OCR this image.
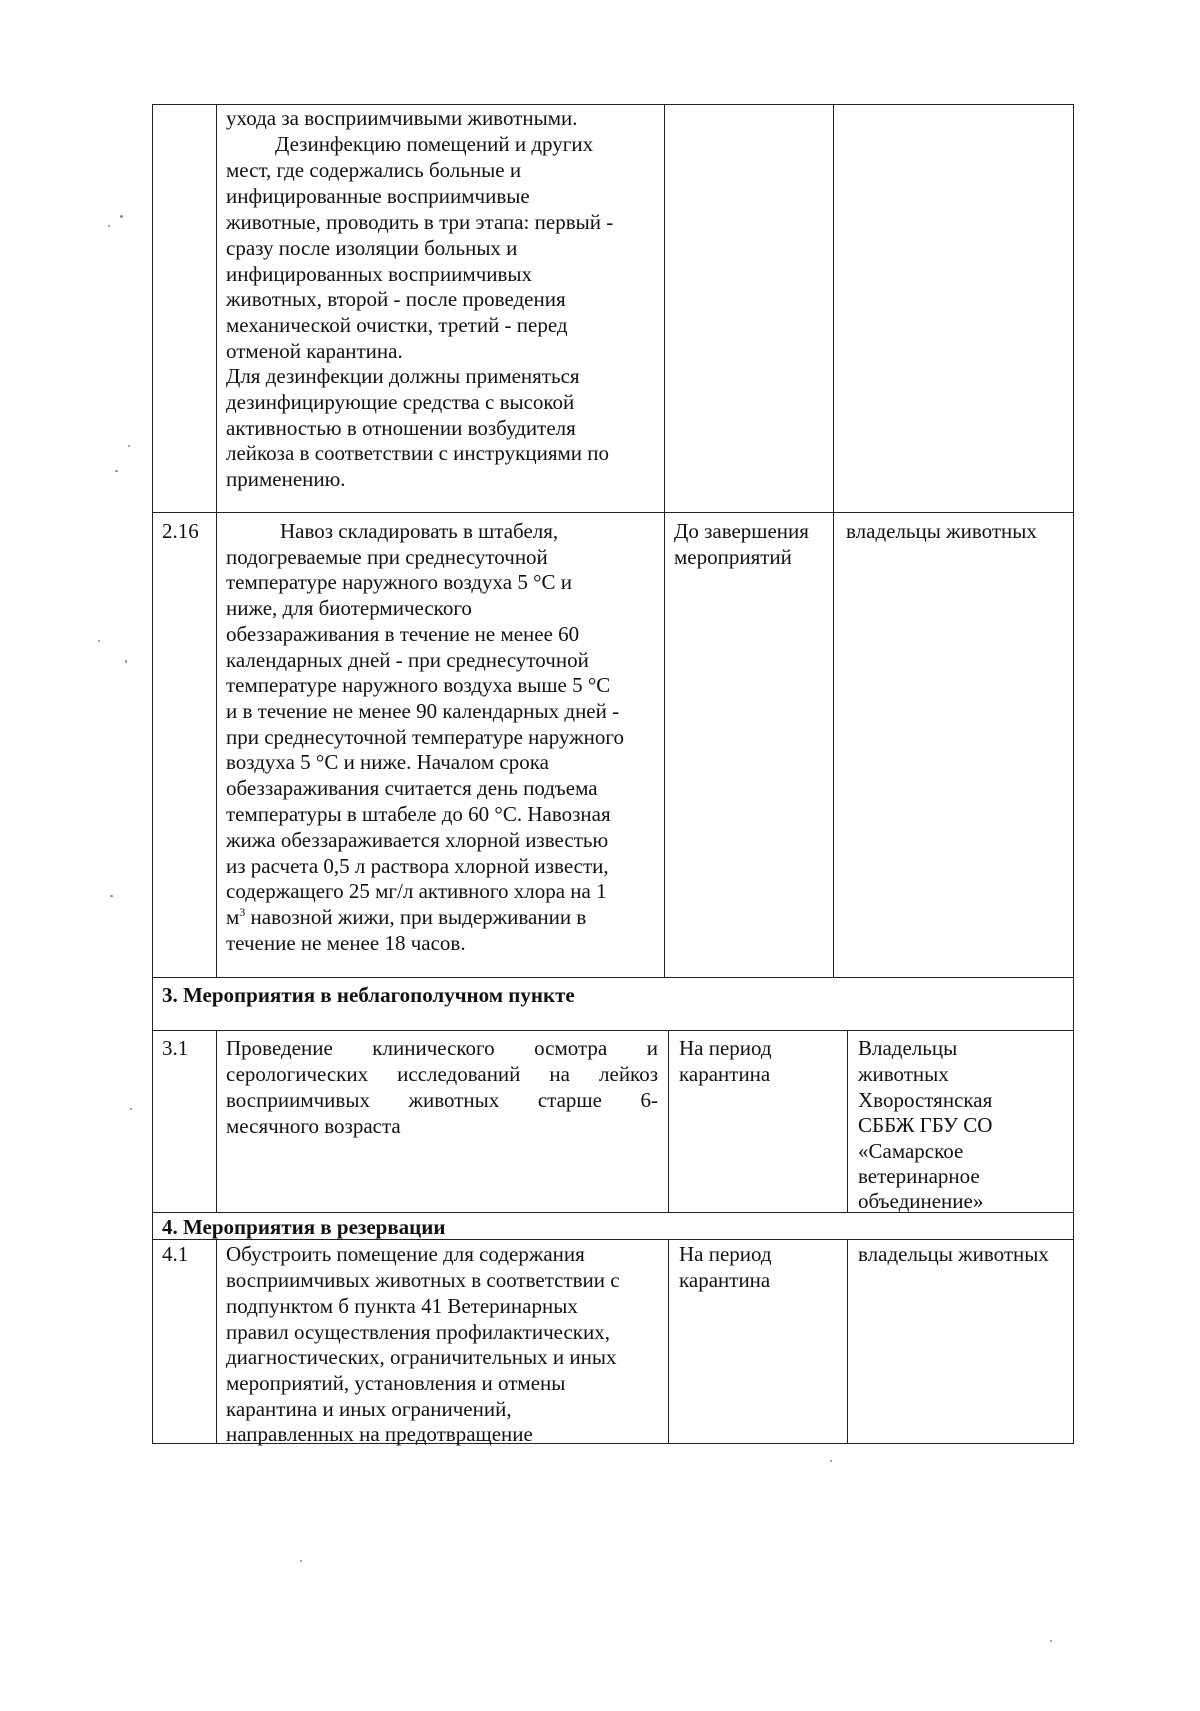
ухода за восприимчивыми животными.
Дезинфекцию помещений и других
мест, где содержались больные и
инфицированные восприимчивые
животные, проводить в три этапа: первый -
сразу после изоляции больных и
инфицированных восприимчивых
животных, второй - после проведения
механической очистки, третий - перед
отменой карантина.
Для дезинфекции должны применяться
дезинфицирующие средства с высокой
активностью в отношении возбудителя
лейкоза в соответствии с инструкциями по
применению.
2.16	Навоз складировать в штабеля,
подогреваемые при среднесуточной
температуре наружного воздуха 5 °С и
ниже, для биотермического
обеззараживания в течение не менее 60
календарных дней - при среднесуточной
температуре наружного воздуха выше 5 °С
и в течение не менее 90 календарных дней -
при среднесуточной температуре наружного
воздуха 5 °С и ниже. Началом срока
обеззараживания считается день подъема
температуры в штабеле до 60 °С. Навозная
жижа обеззараживается хлорной известью
из расчета 0,5 л раствора хлорной извести,
содержащего 25 мг/л активного хлора на 1
$м^3$ навозной жижи, при выдерживании в
течение не менее 18 часов.
До завершения
мероприятий
владельцы животных
3. Мероприятия в неблагополучном пункте
3.1 Проведение клинического осмотра и
серологических исследований на лейкоз
восприимчивых животных старше 6-
месячного возраста
На период
карантина
Владельцы
животных
Хворостянская
СББЖ ГБУ СО
«Самарское
ветеринарное
объединение»
4. Мероприятия в резервации
4.1 Обустроить помещение для содержания
восприимчивых животных в соответствии с
подпунктом б пункта 41 Ветеринарных
правил осуществления профилактических,
диагностических, ограничительных и иных
мероприятий, установления и отмены
карантина и иных ограничений,
направленных на предотвращение
На период
карантина
владельцы животных
